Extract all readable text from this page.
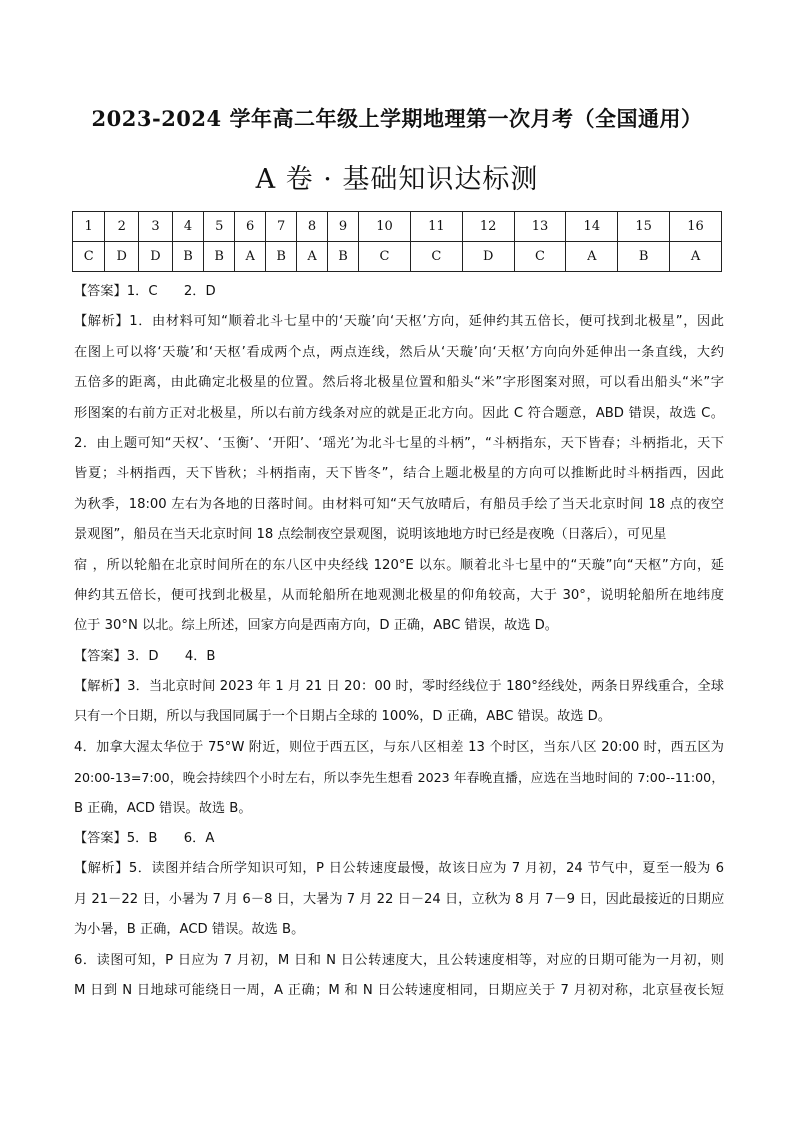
2023-2024 学年高二年级上学期地理第一次月考（全国通用）
A 卷 · 基础知识达标测
1	2	3	4	5	6	7	8	9	10	11	12	13	14	15	16
C	D	D	B	B	A	B	A	B	C	C	D	C	A	B	A
【答案】1．C　　2．D
【解析】1．由材料可知“顺着北斗七星中的‘天璇’向‘天枢’方向，延伸约其五倍长，便可找到北极星”，因此
在图上可以将‘天璇’和‘天枢’看成两个点，两点连线，然后从‘天璇’向‘天枢’方向向外延伸出一条直线，大约
五倍多的距离，由此确定北极星的位置。然后将北极星位置和船头“米”字形图案对照，可以看出船头“米”字
形图案的右前方正对北极星，所以右前方线条对应的就是正北方向。因此 C 符合题意，ABD 错误，故选 C。
2．由上题可知“天权’、‘玉衡’、‘开阳’、‘瑶光’为北斗七星的斗柄”，“斗柄指东，天下皆春；斗柄指北，天下
皆夏；斗柄指西，天下皆秋；斗柄指南，天下皆冬”，结合上题北极星的方向可以推断此时斗柄指西，因此
为秋季，18:00 左右为各地的日落时间。由材料可知“天气放晴后，有船员手绘了当天北京时间 18 点的夜空
景观图”，船员在当天北京时间 18 点绘制夜空景观图，说明该地地方时已经是夜晚（日落后），可见星
宿 ，所以轮船在北京时间所在的东八区中央经线 120°E 以东。顺着北斗七星中的“天璇”向“天枢”方向，延
伸约其五倍长，便可找到北极星，从而轮船所在地观测北极星的仰角较高，大于 30°，说明轮船所在地纬度
位于 30°N 以北。综上所述，回家方向是西南方向，D 正确，ABC 错误，故选 D。
【答案】3．D　　4．B
【解析】3．当北京时间 2023 年 1 月 21 日 20：00 时，零时经线位于 180°经线处，两条日界线重合，全球
只有一个日期，所以与我国同属于一个日期占全球的 100%，D 正确，ABC 错误。故选 D。
4．加拿大渥太华位于 75°W 附近，则位于西五区，与东八区相差 13 个时区，当东八区 20:00 时，西五区为
20:00-13=7:00，晚会持续四个小时左右，所以李先生想看 2023 年春晚直播，应选在当地时间的 7:00--11:00，
B 正确，ACD 错误。故选 B。
【答案】5．B　　6．A
【解析】5．读图并结合所学知识可知，P 日公转速度最慢，故该日应为 7 月初，24 节气中，夏至一般为 6
月 21－22 日，小暑为 7 月 6－8 日，大暑为 7 月 22 日－24 日，立秋为 8 月 7－9 日，因此最接近的日期应
为小暑，B 正确，ACD 错误。故选 B。
6．读图可知，P 日应为 7 月初，M 日和 N 日公转速度大，且公转速度相等，对应的日期可能为一月初，则
M 日到 N 日地球可能绕日一周，A 正确；M 和 N 日公转速度相同，日期应关于 7 月初对称，北京昼夜长短
